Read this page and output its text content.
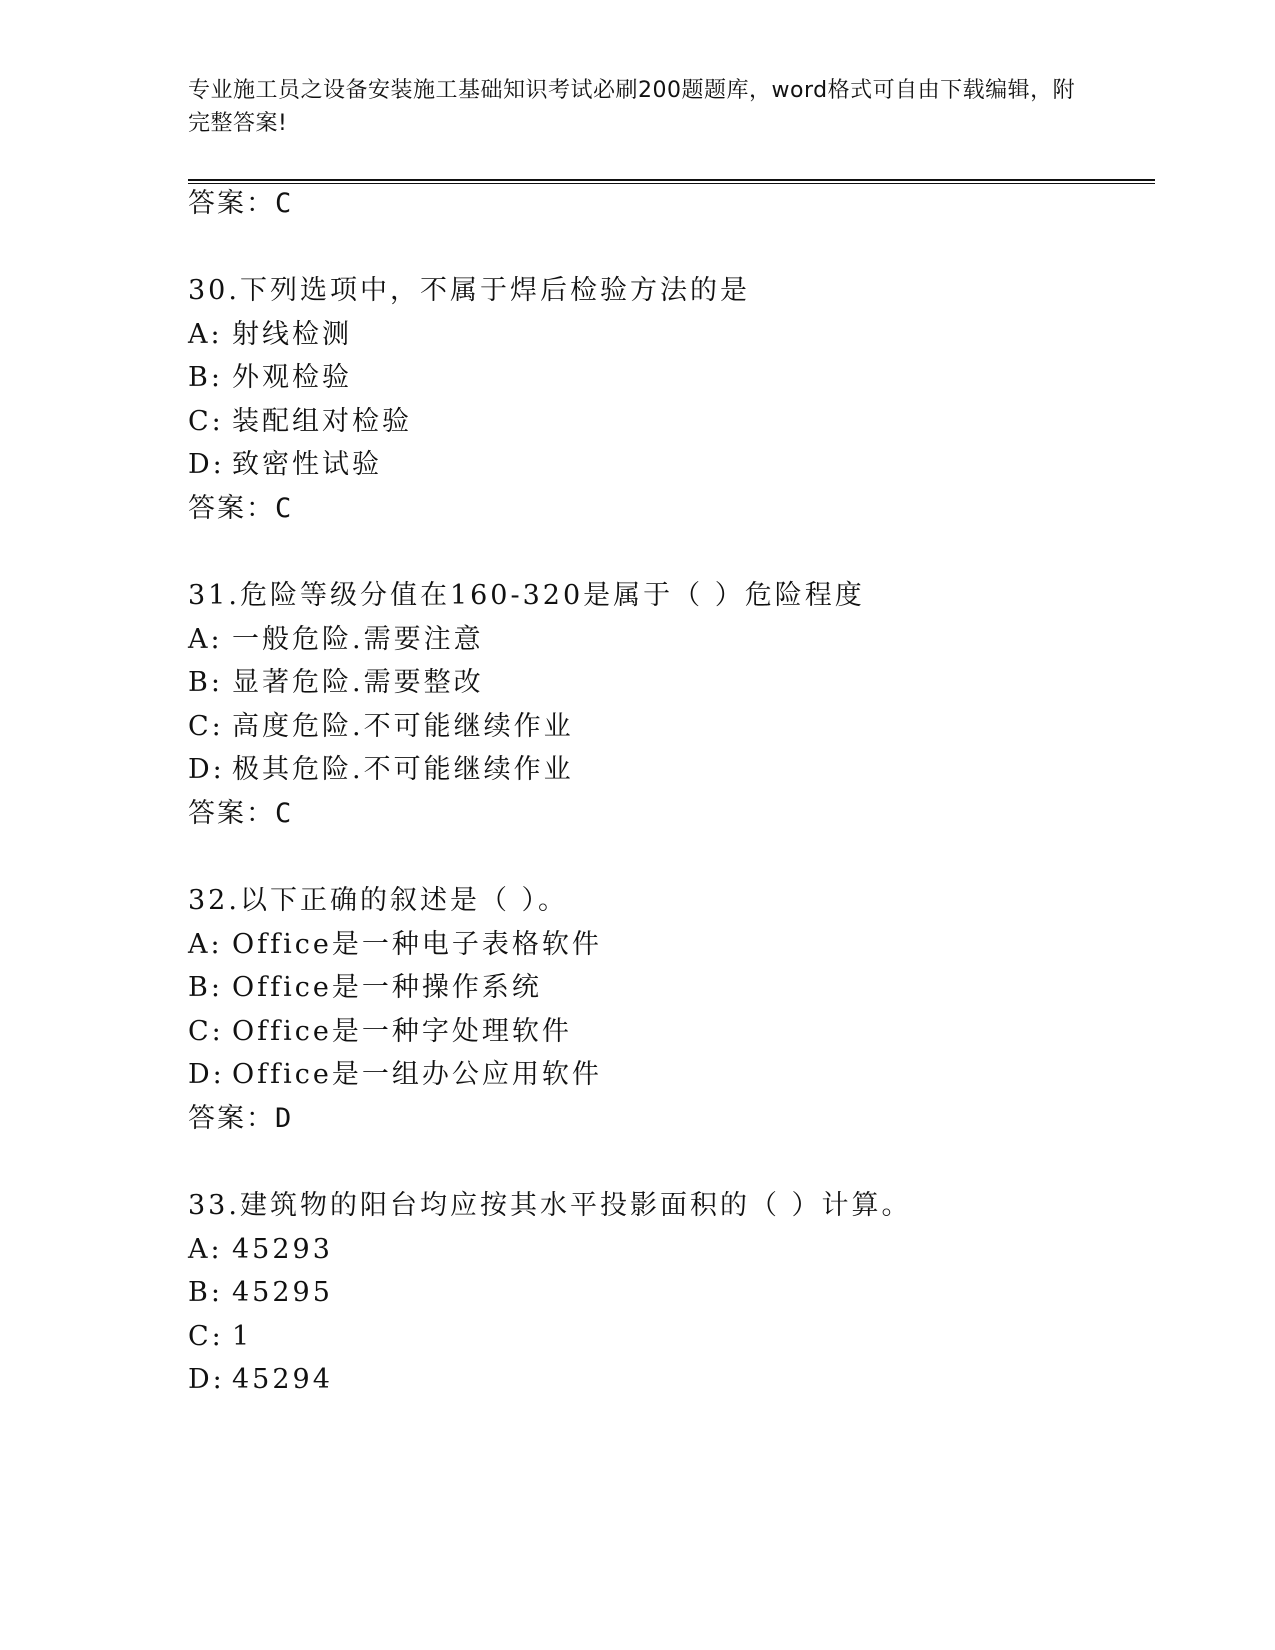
专业施工员之设备安装施工基础知识考试必刷200题题库，word格式可自由下载编辑，附完整答案!
答案：C
30.下列选项中，不属于焊后检验方法的是
A: 射线检测
B: 外观检验
C: 装配组对检验
D: 致密性试验
答案：C
31.危险等级分值在160-320是属于（ ）危险程度
A: 一般危险.需要注意
B: 显著危险.需要整改
C: 高度危险.不可能继续作业
D: 极其危险.不可能继续作业
答案：C
32.以下正确的叙述是（ ）。
A: Office是一种电子表格软件
B: Office是一种操作系统
C: Office是一种字处理软件
D: Office是一组办公应用软件
答案：D
33.建筑物的阳台均应按其水平投影面积的（ ）计算。
A: 45293
B: 45295
C: 1
D: 45294
